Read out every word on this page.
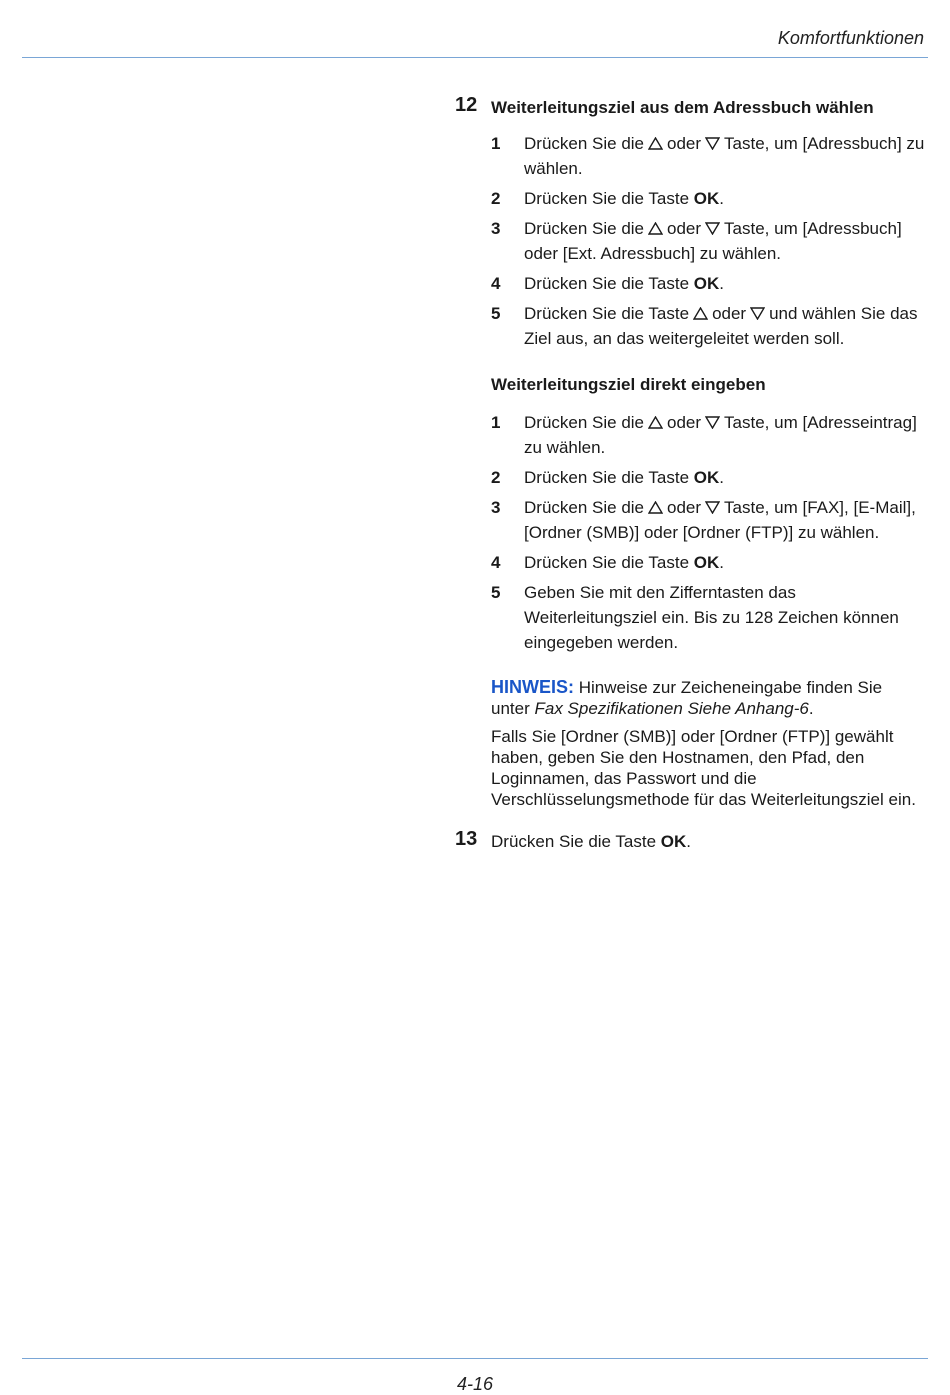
Komfortfunktionen
12 Weiterleitungsziel aus dem Adressbuch wählen
1 Drücken Sie die oder Taste, um [Adressbuch] zu wählen.
2 Drücken Sie die Taste OK.
3 Drücken Sie die oder Taste, um [Adressbuch] oder [Ext. Adressbuch] zu wählen.
4 Drücken Sie die Taste OK.
5 Drücken Sie die Taste oder und wählen Sie das Ziel aus, an das weitergeleitet werden soll.
Weiterleitungsziel direkt eingeben
1 Drücken Sie die oder Taste, um [Adresseintrag] zu wählen.
2 Drücken Sie die Taste OK.
3 Drücken Sie die oder Taste, um [FAX], [E-Mail], [Ordner (SMB)] oder [Ordner (FTP)] zu wählen.
4 Drücken Sie die Taste OK.
5 Geben Sie mit den Zifferntasten das Weiterleitungsziel ein. Bis zu 128 Zeichen können eingegeben werden.
HINWEIS: Hinweise zur Zeicheneingabe finden Sie unter Fax Spezifikationen Siehe Anhang-6.
Falls Sie [Ordner (SMB)] oder [Ordner (FTP)] gewählt haben, geben Sie den Hostnamen, den Pfad, den Loginnamen, das Passwort und die Verschlüsselungsmethode für das Weiterleitungsziel ein.
13 Drücken Sie die Taste OK.
4-16
